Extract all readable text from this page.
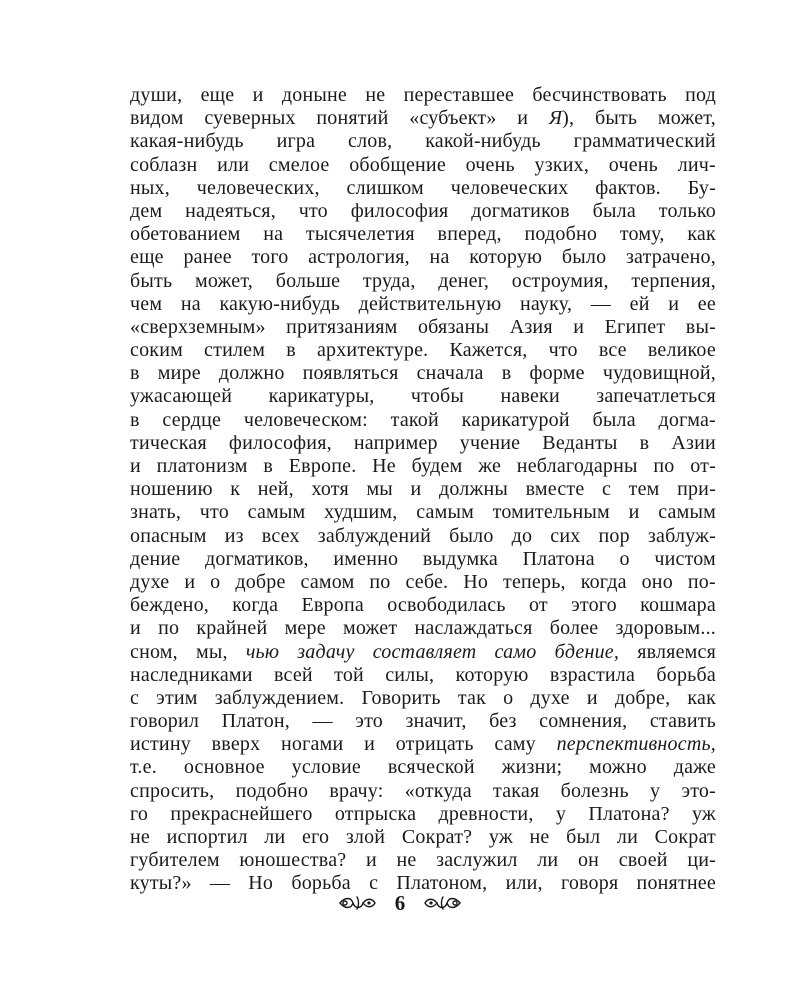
души, еще и доныне не переставшее бесчинствовать под
видом суеверных понятий «субъект» и Я), быть может,
какая-нибудь игра слов, какой-нибудь грамматический
соблазн или смелое обобщение очень узких, очень лич-
ных, человеческих, слишком человеческих фактов. Бу-
дем надеяться, что философия догматиков была только
обетованием на тысячелетия вперед, подобно тому, как
еще ранее того астрология, на которую было затрачено,
быть может, больше труда, денег, остроумия, терпения,
чем на какую-нибудь действительную науку, — ей и ее
«сверхземным» притязаниям обязаны Азия и Египет вы-
соким стилем в архитектуре. Кажется, что все великое
в мире должно появляться сначала в форме чудовищной,
ужасающей карикатуры, чтобы навеки запечатлеться
в сердце человеческом: такой карикатурой была догма-
тическая философия, например учение Веданты в Азии
и платонизм в Европе. Не будем же неблагодарны по от-
ношению к ней, хотя мы и должны вместе с тем при-
знать, что самым худшим, самым томительным и самым
опасным из всех заблуждений было до сих пор заблуж-
дение догматиков, именно выдумка Платона о чистом
духе и о добре самом по себе. Но теперь, когда оно по-
беждено, когда Европа освободилась от этого кошмара
и по крайней мере может наслаждаться более здоровым...
сном, мы, чью задачу составляет само бдение, являемся
наследниками всей той силы, которую взрастила борьба
с этим заблуждением. Говорить так о духе и добре, как
говорил Платон, — это значит, без сомнения, ставить
истину вверх ногами и отрицать саму перспективность,
т.е. основное условие всяческой жизни; можно даже
спросить, подобно врачу: «откуда такая болезнь у это-
го прекраснейшего отпрыска древности, у Платона? уж
не испортил ли его злой Сократ? уж не был ли Сократ
губителем юношества? и не заслужил ли он своей ци-
куты?» — Но борьба с Платоном, или, говоря понятнее
6
